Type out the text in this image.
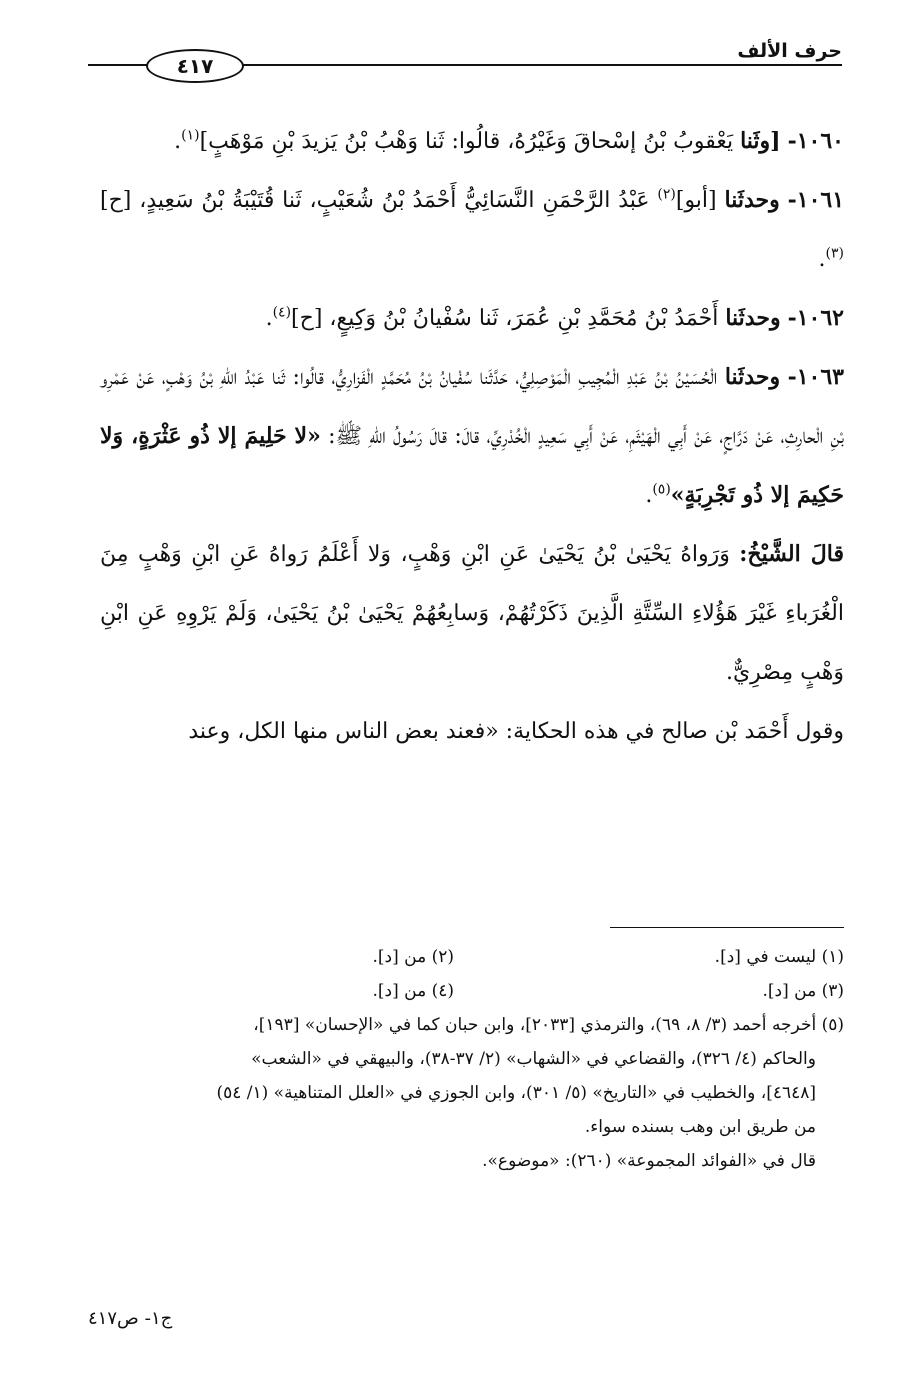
حرف الألف
٤١٧

١٠٦٠- [وثَنا يَعْقوبُ بْنُ إسْحاقَ وَغَيْرُهُ، قالُوا: ثَنا وَهْبُ بْنُ يَزيدَ بْنِ مَوْهَبٍ]$^{(١)}$.

١٠٦١- وحدثَنا [أبو]$^{(٢)}$ عَبْدُ الرَّحْمَنِ النَّسَائِيُّ أَحْمَدُ بْنُ شُعَيْبٍ، ثَنا قُتَيْبَةُ بْنُ سَعِيدٍ، [ح]$^{(٣)}$.

١٠٦٢- وحدثَنا أَحْمَدُ بْنُ مُحَمَّدِ بْنِ عُمَرَ، ثَنا سُفْيانُ بْنُ وَكِيعٍ، [ح]$^{(٤)}$.

١٠٦٣- وحدثَنا الْحُسَيْنُ بْنُ عَبْدِ الْمُجِيبِ الْمَوْصِلِيُّ، حَدَّثَنا سُفْيانُ بْنُ مُحَمَّدٍ الْفَزارِيُّ، قالُوا: ثَنا عَبْدُ اللهِ بْنُ وَهْبٍ، عَنْ عَمْرِو بْنِ الْحارِثِ، عَنْ دَرَّاجٍ، عَنْ أَبِي الْهَيْثَمِ، عَنْ أَبِي سَعِيدٍ الْخُدْرِيِّ، قالَ: قالَ رَسُولُ اللهِ ﷺ: «لا حَلِيمَ إلا ذُو عَثْرَةٍ، وَلا حَكِيمَ إلا ذُو تَجْرِبَةٍ»$^{(٥)}$.

قالَ الشَّيْخُ: وَرَواهُ يَحْيَىٰ بْنُ يَحْيَىٰ عَنِ ابْنِ وَهْبٍ، وَلا أَعْلَمُ رَواهُ عَنِ ابْنِ وَهْبٍ مِنَ الْغُرَباءِ غَيْرَ هَؤُلاءِ السِّتَّةِ الَّذِينَ ذَكَرْتُهُمْ، وَسابِعُهُمْ يَحْيَىٰ بْنُ يَحْيَىٰ، وَلَمْ يَرْوِهِ عَنِ ابْنِ وَهْبٍ مِصْرِيٌّ.

وقول أَحْمَد بْن صالح في هذه الحكاية: «فعند بعض الناس منها الكل، وعند

(١) ليست في [د].
(٢) من [د].
(٣) من [د].
(٤) من [د].

(٥) أخرجه أحمد (٣/ ٨، ٦٩)، والترمذي [٢٠٣٣]، وابن حبان كما في «الإحسان» [١٩٣]،

والحاكم (٤/ ٣٢٦)، والقضاعي في «الشهاب» (٢/ ٣٧-٣٨)، والبيهقي في «الشعب»

[٤٦٤٨]، والخطيب في «التاريخ» (٥/ ٣٠١)، وابن الجوزي في «العلل المتناهية» (١/ ٥٤)

من طريق ابن وهب بسنده سواء.

قال في «الفوائد المجموعة» (٢٦٠): «موضوع».

ج١- ص٤١٧
